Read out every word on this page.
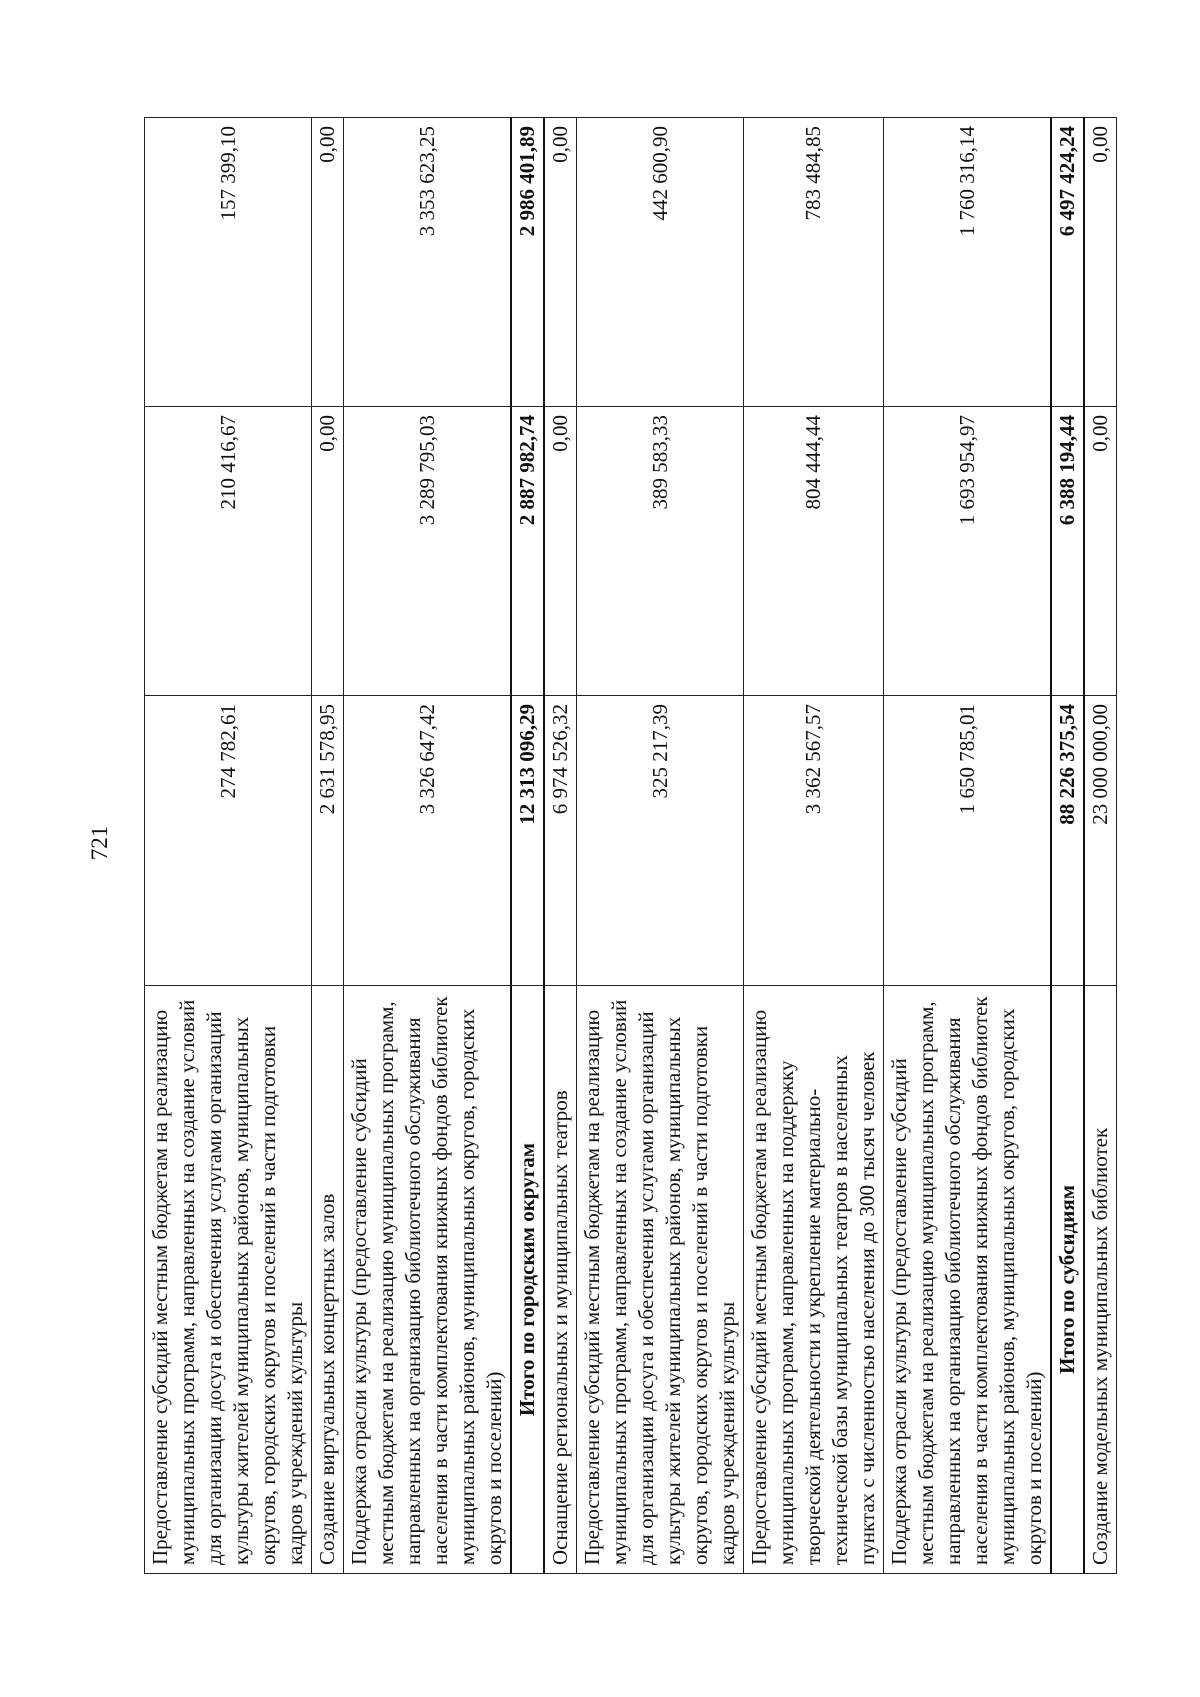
721
Предоставление субсидий местным бюджетам на реализацию муниципальных программ, направленных на создание условий для организации досуга и обеспечения услугами организаций культуры жителей муниципальных районов, муниципальных округов, городских округов и поселений в части подготовки кадров учреждений культуры	274 782,61	210 416,67	157 399,10
Создание виртуальных концертных залов	2 631 578,95	0,00	0,00
Поддержка отрасли культуры (предоставление субсидий местным бюджетам на реализацию муниципальных программ, направленных на организацию библиотечного обслуживания населения в части комплектования книжных фондов библиотек муниципальных районов, муниципальных округов, городских округов и поселений)	3 326 647,42	3 289 795,03	3 353 623,25
Итого по городским округам	12 313 096,29	2 887 982,74	2 986 401,89
Оснащение региональных и муниципальных театров	6 974 526,32	0,00	0,00
Предоставление субсидий местным бюджетам на реализацию муниципальных программ, направленных на создание условий для организации досуга и обеспечения услугами организаций культуры жителей муниципальных районов, муниципальных округов, городских округов и поселений в части подготовки кадров учреждений культуры	325 217,39	389 583,33	442 600,90
Предоставление субсидий местным бюджетам на реализацию муниципальных программ, направленных на поддержку творческой деятельности и укрепление материально-технической базы муниципальных театров в населенных пунктах с численностью населения до 300 тысяч человек	3 362 567,57	804 444,44	783 484,85
Поддержка отрасли культуры (предоставление субсидий местным бюджетам на реализацию муниципальных программ, направленных на организацию библиотечного обслуживания населения в части комплектования книжных фондов библиотек муниципальных районов, муниципальных округов, городских округов и поселений)	1 650 785,01	1 693 954,97	1 760 316,14
Итого по субсидиям	88 226 375,54	6 388 194,44	6 497 424,24
Создание модельных муниципальных библиотек	23 000 000,00	0,00	0,00
